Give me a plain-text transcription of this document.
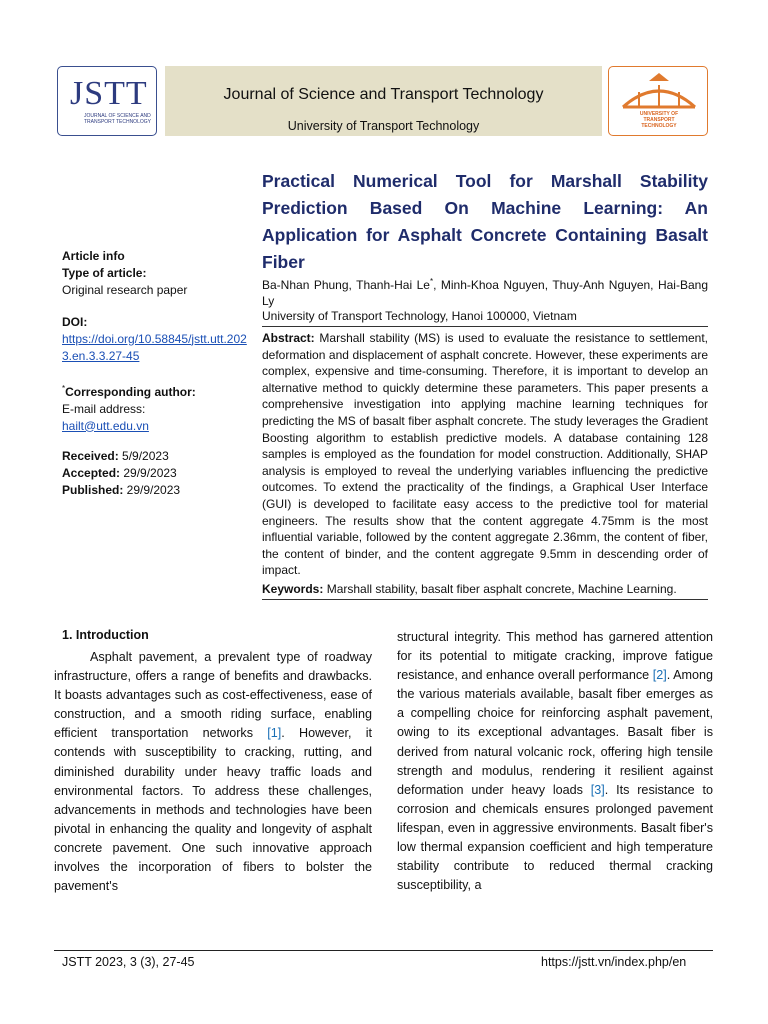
JSTT
JOURNAL OF SCIENCE AND TRANSPORT TECHNOLOGY
Journal of Science and Transport Technology
University of Transport Technology
UNIVERSITY OF TRANSPORT TECHNOLOGY
Practical Numerical Tool for Marshall Stability Prediction Based On Machine Learning: An Application for Asphalt Concrete Containing Basalt Fiber
Ba-Nhan Phung, Thanh-Hai Le*, Minh-Khoa Nguyen, Thuy-Anh Nguyen, Hai-Bang Ly
University of Transport Technology, Hanoi 100000, Vietnam
Abstract: Marshall stability (MS) is used to evaluate the resistance to settlement, deformation and displacement of asphalt concrete. However, these experiments are complex, expensive and time-consuming. Therefore, it is important to develop an alternative method to quickly determine these parameters. This paper presents a comprehensive investigation into applying machine learning techniques for predicting the MS of basalt fiber asphalt concrete. The study leverages the Gradient Boosting algorithm to establish predictive models. A database containing 128 samples is employed as the foundation for model construction. Additionally, SHAP analysis is employed to reveal the underlying variables influencing the predictive outcomes. To extend the practicality of the findings, a Graphical User Interface (GUI) is developed to facilitate easy access to the predictive tool for material engineers. The results show that the content aggregate 4.75mm is the most influential variable, followed by the content aggregate 2.36mm, the content of fiber, the content of binder, and the content aggregate 9.5mm in descending order of impact.
Keywords: Marshall stability, basalt fiber asphalt concrete, Machine Learning.
Article info
Type of article:
Original research paper
DOI:
https://doi.org/10.58845/jstt.utt.2023.en.3.3.27-45
*Corresponding author:
E-mail address:
hailt@utt.edu.vn
Received: 5/9/2023
Accepted: 29/9/2023
Published: 29/9/2023
1. Introduction

Asphalt pavement, a prevalent type of roadway infrastructure, offers a range of benefits and drawbacks. It boasts advantages such as cost-effectiveness, ease of construction, and a smooth riding surface, enabling efficient transportation networks [1]. However, it contends with susceptibility to cracking, rutting, and diminished durability under heavy traffic loads and environmental factors. To address these challenges, advancements in methods and technologies have been pivotal in enhancing the quality and longevity of asphalt concrete pavement. One such innovative approach involves the incorporation of fibers to bolster the pavement's

structural integrity. This method has garnered attention for its potential to mitigate cracking, improve fatigue resistance, and enhance overall performance [2]. Among the various materials available, basalt fiber emerges as a compelling choice for reinforcing asphalt pavement, owing to its exceptional advantages. Basalt fiber is derived from natural volcanic rock, offering high tensile strength and modulus, rendering it resilient against deformation under heavy loads [3]. Its resistance to corrosion and chemicals ensures prolonged pavement lifespan, even in aggressive environments. Basalt fiber's low thermal expansion coefficient and high temperature stability contribute to reduced thermal cracking susceptibility, a

JSTT 2023, 3 (3), 27-45	https://jstt.vn/index.php/en
